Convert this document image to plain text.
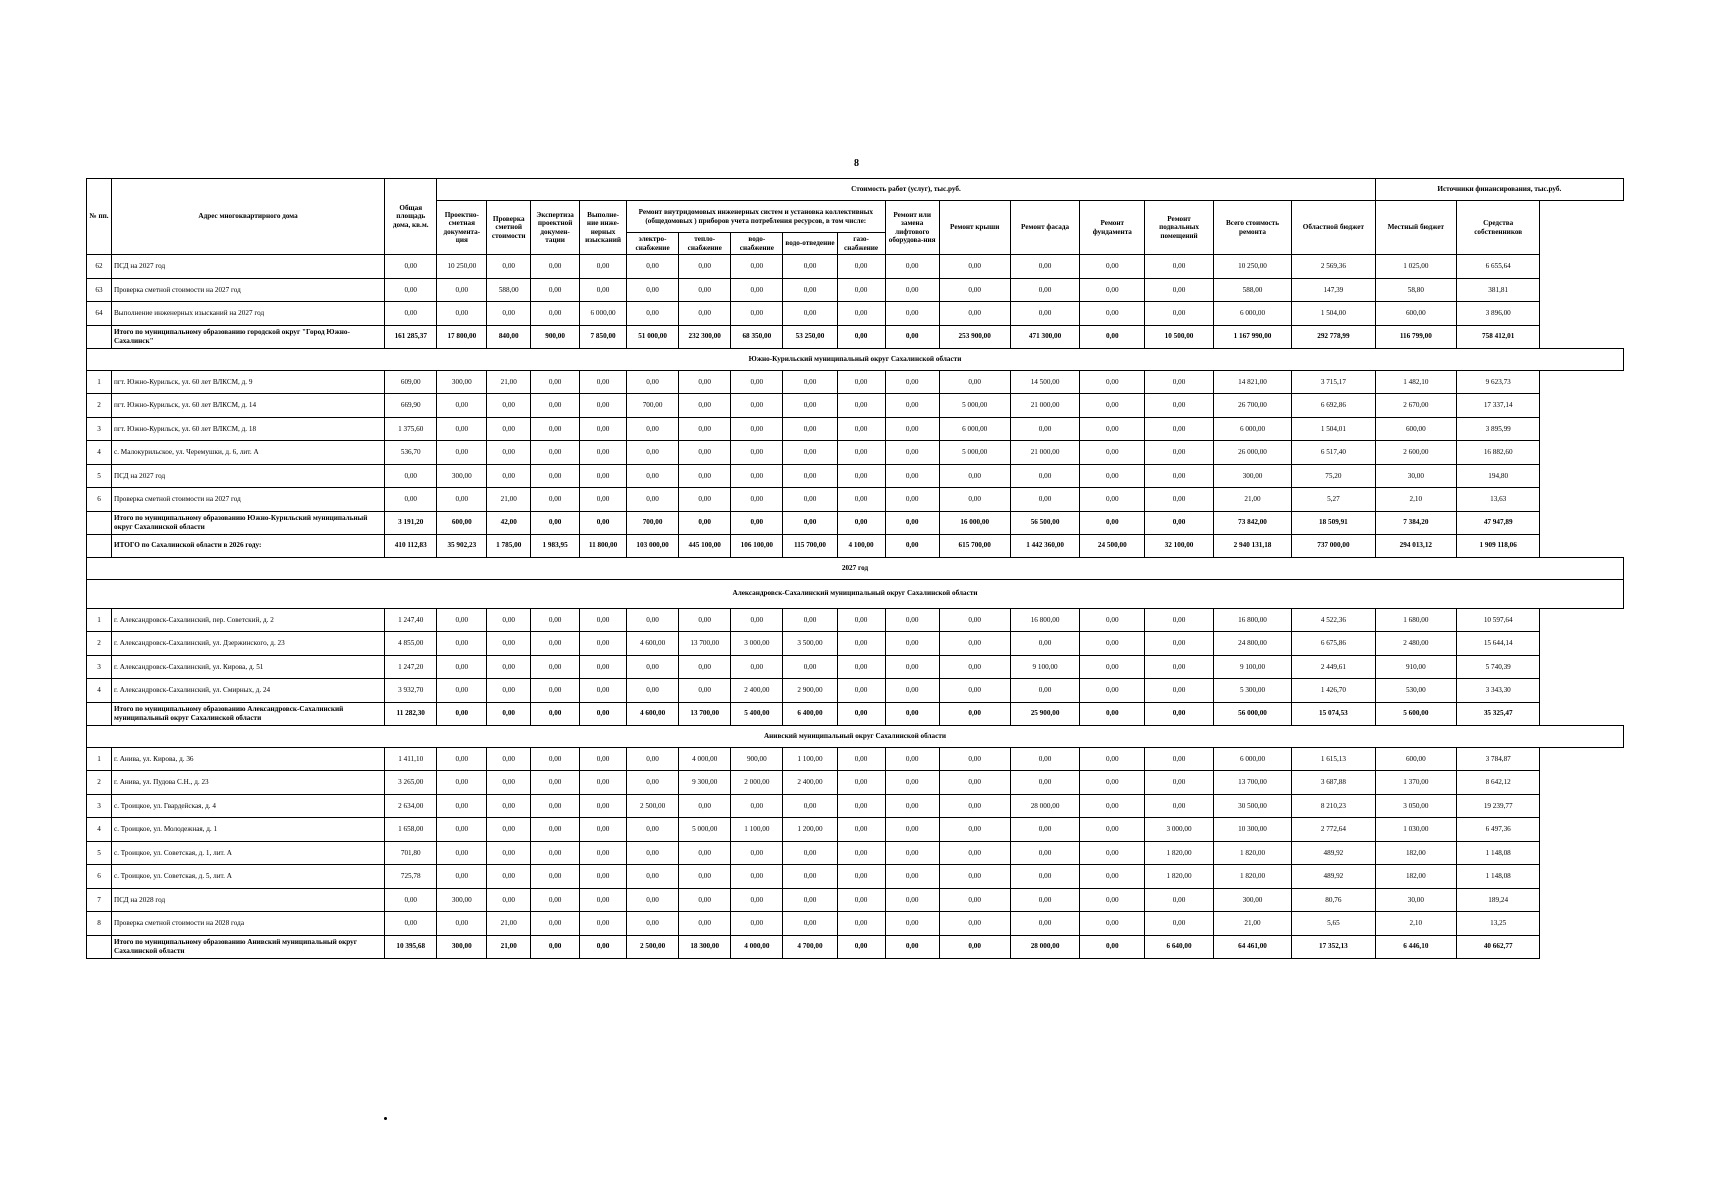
8
№ пп.	Адрес многоквартирного дома	Общая площадь дома, кв.м.	Стоимость работ (услуг), тыс.руб.																Источники финансирования, тыс.руб.	
			Проектно-сметная документа-ция	Проверка сметной стоимости	Экспертиза проектной докумен-тации	Выполне-ние инже-нерных изысканий	Ремонт внутридомовых инженерных систем и установка коллективных (общедомовых ) приборов учета потребления ресурсов, в том числе:					Ремонт или замена лифтового оборудова-ния	Ремонт крыши	Ремонт фасада	Ремонт фундамента	Ремонт подвальных помещений	Всего стоимость ремонта	Областной бюджет	Местный бюджет	Средства собственников
							электро-снабжение	тепло-снабжение	водо-снабжение	водо-отведение	газо-снабжение									
62	ПСД на 2027 год	0,00	10 250,00	0,00	0,00	0,00	0,00	0,00	0,00	0,00	0,00	0,00	0,00	0,00	0,00	0,00	10 250,00	2 569,36	1 025,00	6 655,64
63	Проверка сметной стоимости на 2027 год	0,00	0,00	588,00	0,00	0,00	0,00	0,00	0,00	0,00	0,00	0,00	0,00	0,00	0,00	0,00	588,00	147,39	58,80	381,81
64	Выполнение инженерных изысканий на 2027 год	0,00	0,00	0,00	0,00	6 000,00	0,00	0,00	0,00	0,00	0,00	0,00	0,00	0,00	0,00	0,00	6 000,00	1 504,00	600,00	3 896,00
	Итого по муниципальному образованию городской округ "Город Южно-Сахалинск"	161 285,37	17 800,00	840,00	900,00	7 850,00	51 000,00	232 300,00	68 350,00	53 250,00	0,00	0,00	253 900,00	471 300,00	0,00	10 500,00	1 167 990,00	292 778,99	116 799,00	758 412,01
Южно-Курильский муниципальный округ Сахалинской области																				
1	пгт. Южно-Курильск, ул. 60 лет ВЛКСМ, д. 9	609,00	300,00	21,00	0,00	0,00	0,00	0,00	0,00	0,00	0,00	0,00	0,00	14 500,00	0,00	0,00	14 821,00	3 715,17	1 482,10	9 623,73
2	пгт. Южно-Курильск, ул. 60 лет ВЛКСМ, д. 14	669,90	0,00	0,00	0,00	0,00	700,00	0,00	0,00	0,00	0,00	0,00	5 000,00	21 000,00	0,00	0,00	26 700,00	6 692,86	2 670,00	17 337,14
3	пгт. Южно-Курильск, ул. 60 лет ВЛКСМ, д. 18	1 375,60	0,00	0,00	0,00	0,00	0,00	0,00	0,00	0,00	0,00	0,00	6 000,00	0,00	0,00	0,00	6 000,00	1 504,01	600,00	3 895,99
4	с. Малокурильское, ул. Черемушки, д. 6, лит. А	536,70	0,00	0,00	0,00	0,00	0,00	0,00	0,00	0,00	0,00	0,00	5 000,00	21 000,00	0,00	0,00	26 000,00	6 517,40	2 600,00	16 882,60
5	ПСД на 2027 год	0,00	300,00	0,00	0,00	0,00	0,00	0,00	0,00	0,00	0,00	0,00	0,00	0,00	0,00	0,00	300,00	75,20	30,00	194,80
6	Проверка сметной стоимости на 2027 год	0,00	0,00	21,00	0,00	0,00	0,00	0,00	0,00	0,00	0,00	0,00	0,00	0,00	0,00	0,00	21,00	5,27	2,10	13,63
	Итого по муниципальному образованию Южно-Курильский муниципальный округ Сахалинской области	3 191,20	600,00	42,00	0,00	0,00	700,00	0,00	0,00	0,00	0,00	0,00	16 000,00	56 500,00	0,00	0,00	73 842,00	18 509,91	7 384,20	47 947,89
	ИТОГО по Сахалинской области в 2026 году:	410 112,83	35 902,23	1 785,00	1 983,95	11 800,00	103 000,00	445 100,00	106 100,00	115 700,00	4 100,00	0,00	615 700,00	1 442 360,00	24 500,00	32 100,00	2 940 131,18	737 000,00	294 013,12	1 909 118,06
2027 год																				
Александровск-Сахалинский муниципальный округ Сахалинской области																				
1	г. Александровск-Сахалинский, пер. Советский, д. 2	1 247,40	0,00	0,00	0,00	0,00	0,00	0,00	0,00	0,00	0,00	0,00	0,00	16 800,00	0,00	0,00	16 800,00	4 522,36	1 680,00	10 597,64
2	г. Александровск-Сахалинский, ул. Дзержинского, д. 23	4 855,00	0,00	0,00	0,00	0,00	4 600,00	13 700,00	3 000,00	3 500,00	0,00	0,00	0,00	0,00	0,00	0,00	24 800,00	6 675,86	2 480,00	15 644,14
3	г. Александровск-Сахалинский, ул. Кирова, д. 51	1 247,20	0,00	0,00	0,00	0,00	0,00	0,00	0,00	0,00	0,00	0,00	0,00	9 100,00	0,00	0,00	9 100,00	2 449,61	910,00	5 740,39
4	г. Александровск-Сахалинский, ул. Смирных, д. 24	3 932,70	0,00	0,00	0,00	0,00	0,00	0,00	2 400,00	2 900,00	0,00	0,00	0,00	0,00	0,00	0,00	5 300,00	1 426,70	530,00	3 343,30
	Итого по муниципальному образованию Александровск-Сахалинский муниципальный округ Сахалинской области	11 282,30	0,00	0,00	0,00	0,00	4 600,00	13 700,00	5 400,00	6 400,00	0,00	0,00	0,00	25 900,00	0,00	0,00	56 000,00	15 074,53	5 600,00	35 325,47
Анивский муниципальный округ Сахалинской области																				
1	г. Анива, ул. Кирова, д. 36	1 411,10	0,00	0,00	0,00	0,00	0,00	4 000,00	900,00	1 100,00	0,00	0,00	0,00	0,00	0,00	0,00	6 000,00	1 615,13	600,00	3 784,87
2	г. Анива, ул. Пудова С.Н., д. 23	3 265,00	0,00	0,00	0,00	0,00	0,00	9 300,00	2 000,00	2 400,00	0,00	0,00	0,00	0,00	0,00	0,00	13 700,00	3 687,88	1 370,00	8 642,12
3	с. Троицкое, ул. Гвардейская, д. 4	2 634,00	0,00	0,00	0,00	0,00	2 500,00	0,00	0,00	0,00	0,00	0,00	0,00	28 000,00	0,00	0,00	30 500,00	8 210,23	3 050,00	19 239,77
4	с. Троицкое, ул. Молодежная, д. 1	1 658,00	0,00	0,00	0,00	0,00	0,00	5 000,00	1 100,00	1 200,00	0,00	0,00	0,00	0,00	0,00	3 000,00	10 300,00	2 772,64	1 030,00	6 497,36
5	с. Троицкое, ул. Советская, д. 1, лит. А	701,80	0,00	0,00	0,00	0,00	0,00	0,00	0,00	0,00	0,00	0,00	0,00	0,00	0,00	1 820,00	1 820,00	489,92	182,00	1 148,08
6	с. Троицкое, ул. Советская, д. 5, лит. А	725,78	0,00	0,00	0,00	0,00	0,00	0,00	0,00	0,00	0,00	0,00	0,00	0,00	0,00	1 820,00	1 820,00	489,92	182,00	1 148,08
7	ПСД на 2028 год	0,00	300,00	0,00	0,00	0,00	0,00	0,00	0,00	0,00	0,00	0,00	0,00	0,00	0,00	0,00	300,00	80,76	30,00	189,24
8	Проверка сметной стоимости на 2028 года	0,00	0,00	21,00	0,00	0,00	0,00	0,00	0,00	0,00	0,00	0,00	0,00	0,00	0,00	0,00	21,00	5,65	2,10	13,25
	Итого по муниципальному образованию Анивский муниципальный округ Сахалинской области	10 395,68	300,00	21,00	0,00	0,00	2 500,00	18 300,00	4 000,00	4 700,00	0,00	0,00	0,00	28 000,00	0,00	6 640,00	64 461,00	17 352,13	6 446,10	40 662,77
